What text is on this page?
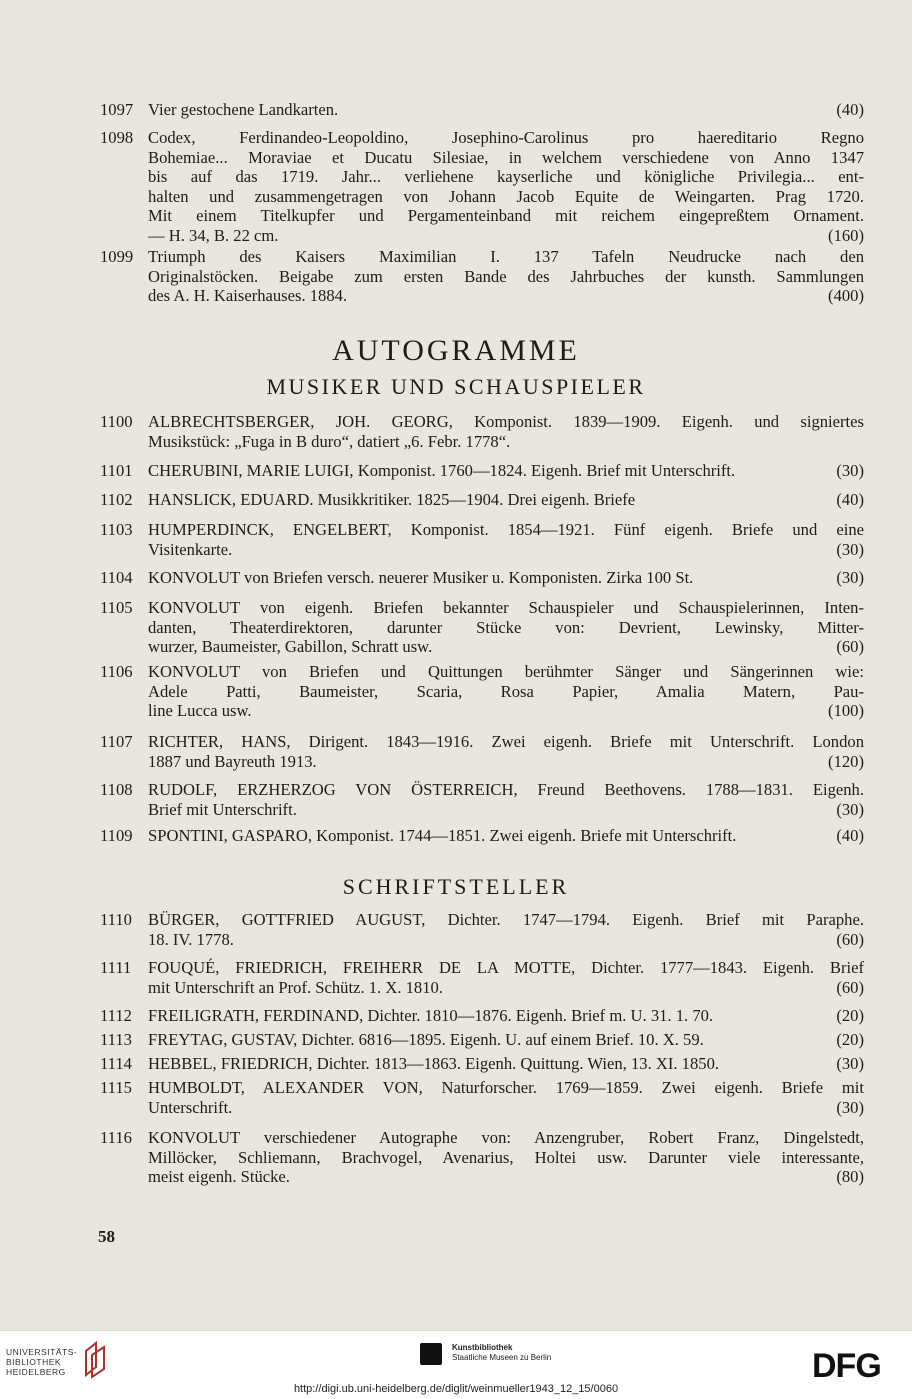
1097 Vier gestochene Landkarten.	(40)
1098 Codex, Ferdinandeo-Leopoldino, Josephino-Carolinus pro haereditario Regno
Bohemiae... Moraviae et Ducatu Silesiae, in welchem verschiedene von Anno 1347
bis auf das 1719. Jahr... verliehene kayserliche und königliche Privilegia... ent-
halten und zusammengetragen von Johann Jacob Equite de Weingarten. Prag 1720.
Mit einem Titelkupfer und Pergamenteinband mit reichem eingepreßtem Ornament.
— H. 34, B. 22 cm.	(160)
1099 Triumph des Kaisers Maximilian I. 137 Tafeln Neudrucke nach den
Originalstöcken. Beigabe zum ersten Bande des Jahrbuches der kunsth. Sammlungen
des A. H. Kaiserhauses. 1884.	(400)
AUTOGRAMME
MUSIKER UND SCHAUSPIELER
1100 ALBRECHTSBERGER, JOH. GEORG, Komponist. 1839—1909. Eigenh. und signiertes
Musikstück: „Fuga in B duro“, datiert „6. Febr. 1778“.
1101 CHERUBINI, MARIE LUIGI, Komponist. 1760—1824. Eigenh. Brief mit Unterschrift.	(30)
1102 HANSLICK, EDUARD. Musikkritiker. 1825—1904. Drei eigenh. Briefe	(40)
1103 HUMPERDINCK, ENGELBERT, Komponist. 1854—1921. Fünf eigenh. Briefe und eine
Visitenkarte.	(30)
1104 KONVOLUT von Briefen versch. neuerer Musiker u. Komponisten. Zirka 100 St.	(30)
1105 KONVOLUT von eigenh. Briefen bekannter Schauspieler und Schauspielerinnen, Inten-
danten, Theaterdirektoren, darunter Stücke von: Devrient, Lewinsky, Mitter-
wurzer, Baumeister, Gabillon, Schratt usw.	(60)
1106 KONVOLUT von Briefen und Quittungen berühmter Sänger und Sängerinnen wie:
Adele Patti, Baumeister, Scaria, Rosa Papier, Amalia Matern, Pau-
line Lucca usw.	(100)
1107 RICHTER, HANS, Dirigent. 1843—1916. Zwei eigenh. Briefe mit Unterschrift. London
1887 und Bayreuth 1913.	(120)
1108 RUDOLF, ERZHERZOG VON ÖSTERREICH, Freund Beethovens. 1788—1831. Eigenh.
Brief mit Unterschrift.	(30)
1109 SPONTINI, GASPARO, Komponist. 1744—1851. Zwei eigenh. Briefe mit Unterschrift.	(40)
SCHRIFTSTELLER
1110 BÜRGER, GOTTFRIED AUGUST, Dichter. 1747—1794. Eigenh. Brief mit Paraphe.
18. IV. 1778.	(60)
1111	FOUQUÉ, FRIEDRICH, FREIHERR DE LA MOTTE, Dichter. 1777—1843. Eigenh. Brief
mit Unterschrift an Prof. Schütz. 1. X. 1810.	(60)
1112 FREILIGRATH, FERDINAND, Dichter. 1810—1876. Eigenh. Brief m. U. 31. 1. 70.	(20)
1113 FREYTAG, GUSTAV, Dichter. 6816—1895. Eigenh. U. auf einem Brief. 10. X. 59.	(20)
1114 HEBBEL, FRIEDRICH, Dichter. 1813—1863. Eigenh. Quittung. Wien, 13. XI. 1850.	(30)
1115 HUMBOLDT, ALEXANDER VON, Naturforscher. 1769—1859. Zwei eigenh. Briefe mit
Unterschrift.	(30)
1116 KONVOLUT verschiedener Autographe von: Anzengruber, Robert Franz, Dingelstedt,
Millöcker, Schliemann, Brachvogel, Avenarius, Holtei usw. Darunter viele interessante,
meist eigenh. Stücke.	(80)
58
UNIVERSITÄTS-
BIBLIOTHEK
HEIDELBERG
Kunstbibliothek
Staatliche Museen zu Berlin	DFG
http://digi.ub.uni-heidelberg.de/diglit/weinmueller1943_12_15/0060
